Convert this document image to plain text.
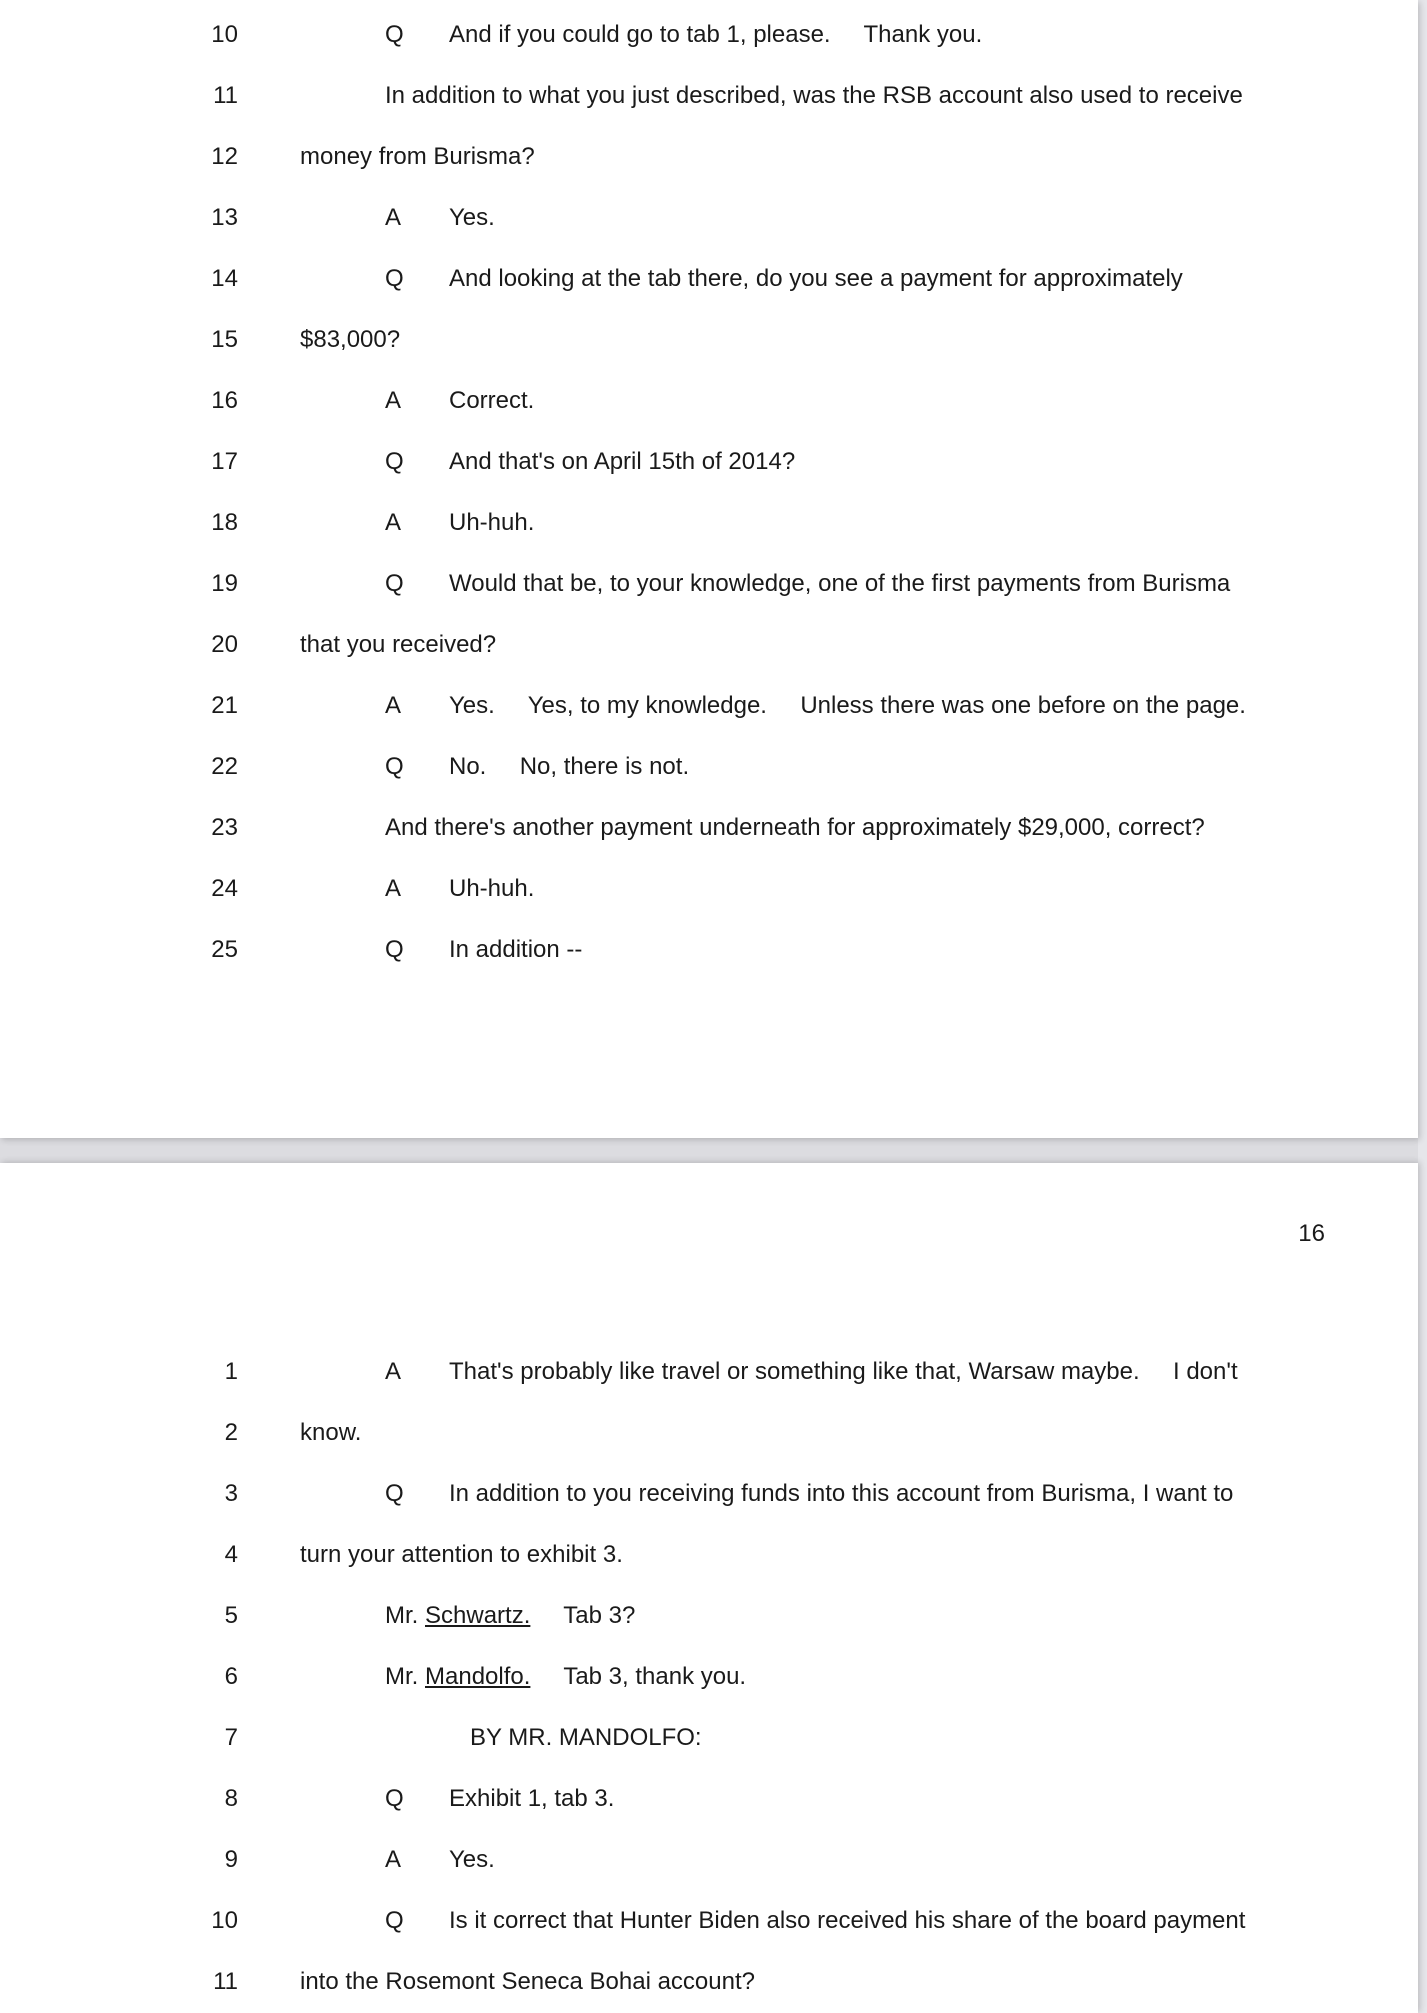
10	Q And if you could go to tab 1, please.     Thank you.
11	In addition to what you just described, was the RSB account also used to receive
12	money from Burisma?
13	A Yes.
14	Q And looking at the tab there, do you see a payment for approximately
15	$83,000?
16	A Correct.
17	Q And that's on April 15th of 2014?
18	A Uh-huh.
19	Q Would that be, to your knowledge, one of the first payments from Burisma
20	that you received?
21	A Yes.     Yes, to my knowledge.     Unless there was one before on the page.
22	Q No.     No, there is not.
23	And there's another payment underneath for approximately $29,000, correct?
24	A Uh-huh.
25	Q In addition --
16
1	A That's probably like travel or something like that, Warsaw maybe.     I don't
2	know.
3	Q In addition to you receiving funds into this account from Burisma, I want to
4	turn your attention to exhibit 3.
5	Mr. Schwartz.     Tab 3?
6	Mr. Mandolfo.     Tab 3, thank you.
7	BY MR. MANDOLFO:
8	Q Exhibit 1, tab 3.
9	A Yes.
10	Q Is it correct that Hunter Biden also received his share of the board payment
11	into the Rosemont Seneca Bohai account?
